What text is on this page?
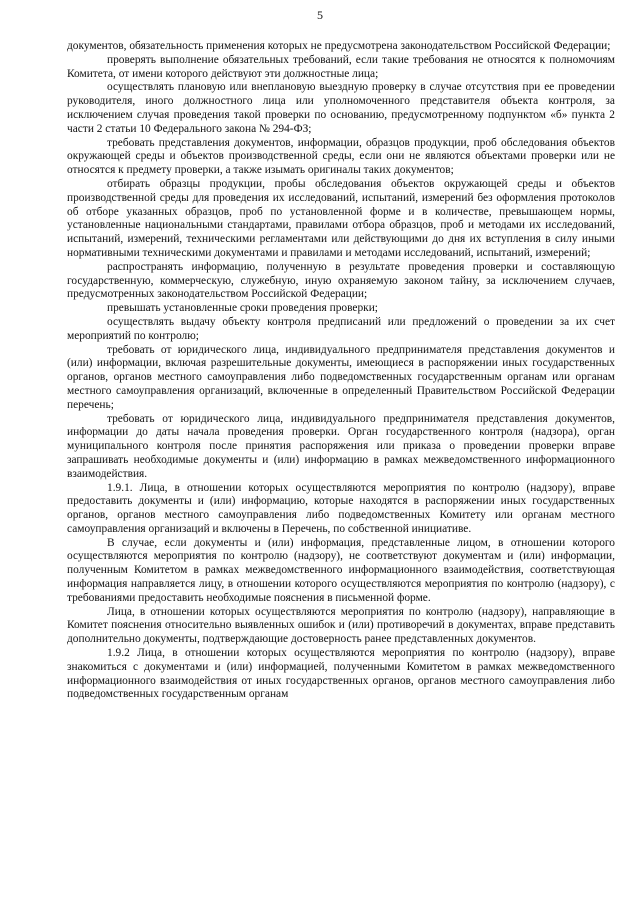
5

документов, обязательность применения которых не предусмотрена законодательством Российской Федерации;

проверять выполнение обязательных требований, если такие требования не относятся к полномочиям Комитета, от имени которого действуют эти должностные лица;

осуществлять плановую или внеплановую выездную проверку в случае отсутствия при ее проведении руководителя, иного должностного лица или уполномоченного представителя объекта контроля, за исключением случая проведения такой проверки по основанию, предусмотренному подпунктом «б» пункта 2 части 2 статьи 10 Федерального закона № 294-ФЗ;

требовать представления документов, информации, образцов продукции, проб обследования объектов окружающей среды и объектов производственной среды, если они не являются объектами проверки или не относятся к предмету проверки, а также изымать оригиналы таких документов;

отбирать образцы продукции, пробы обследования объектов окружающей среды и объектов производственной среды для проведения их исследований, испытаний, измерений без оформления протоколов об отборе указанных образцов, проб по установленной форме и в количестве, превышающем нормы, установленные национальными стандартами, правилами отбора образцов, проб и методами их исследований, испытаний, измерений, техническими регламентами или действующими до дня их вступления в силу иными нормативными техническими документами и правилами и методами исследований, испытаний, измерений;

распространять информацию, полученную в результате проведения проверки и составляющую государственную, коммерческую, служебную, иную охраняемую законом тайну, за исключением случаев, предусмотренных законодательством Российской Федерации;

превышать установленные сроки проведения проверки;

осуществлять выдачу объекту контроля предписаний или предложений о проведении за их счет мероприятий по контролю;

требовать от юридического лица, индивидуального предпринимателя представления документов и (или) информации, включая разрешительные документы, имеющиеся в распоряжении иных государственных органов, органов местного самоуправления либо подведомственных государственным органам или органам местного самоуправления организаций, включенные в определенный Правительством Российской Федерации перечень;

требовать от юридического лица, индивидуального предпринимателя представления документов, информации до даты начала проведения проверки. Орган государственного контроля (надзора), орган муниципального контроля после принятия распоряжения или приказа о проведении проверки вправе запрашивать необходимые документы и (или) информацию в рамках межведомственного информационного взаимодействия.

1.9.1. Лица, в отношении которых осуществляются мероприятия по контролю (надзору), вправе предоставить документы и (или) информацию, которые находятся в распоряжении иных государственных органов, органов местного самоуправления либо подведомственных Комитету или органам местного самоуправления организаций и включены в Перечень, по собственной инициативе.

В случае, если документы и (или) информация, представленные лицом, в отношении которого осуществляются мероприятия по контролю (надзору), не соответствуют документам и (или) информации, полученным Комитетом в рамках межведомственного информационного взаимодействия, соответствующая информация направляется лицу, в отношении которого осуществляются мероприятия по контролю (надзору), с требованиями предоставить необходимые пояснения в письменной форме.

Лица, в отношении которых осуществляются мероприятия по контролю (надзору), направляющие в Комитет пояснения относительно выявленных ошибок и (или) противоречий в документах, вправе представить дополнительно документы, подтверждающие достоверность ранее представленных документов.

1.9.2 Лица, в отношении которых осуществляются мероприятия по контролю (надзору), вправе знакомиться с документами и (или) информацией, полученными Комитетом в рамках межведомственного информационного взаимодействия от иных государственных органов, органов местного самоуправления либо подведомственных государственным органам
